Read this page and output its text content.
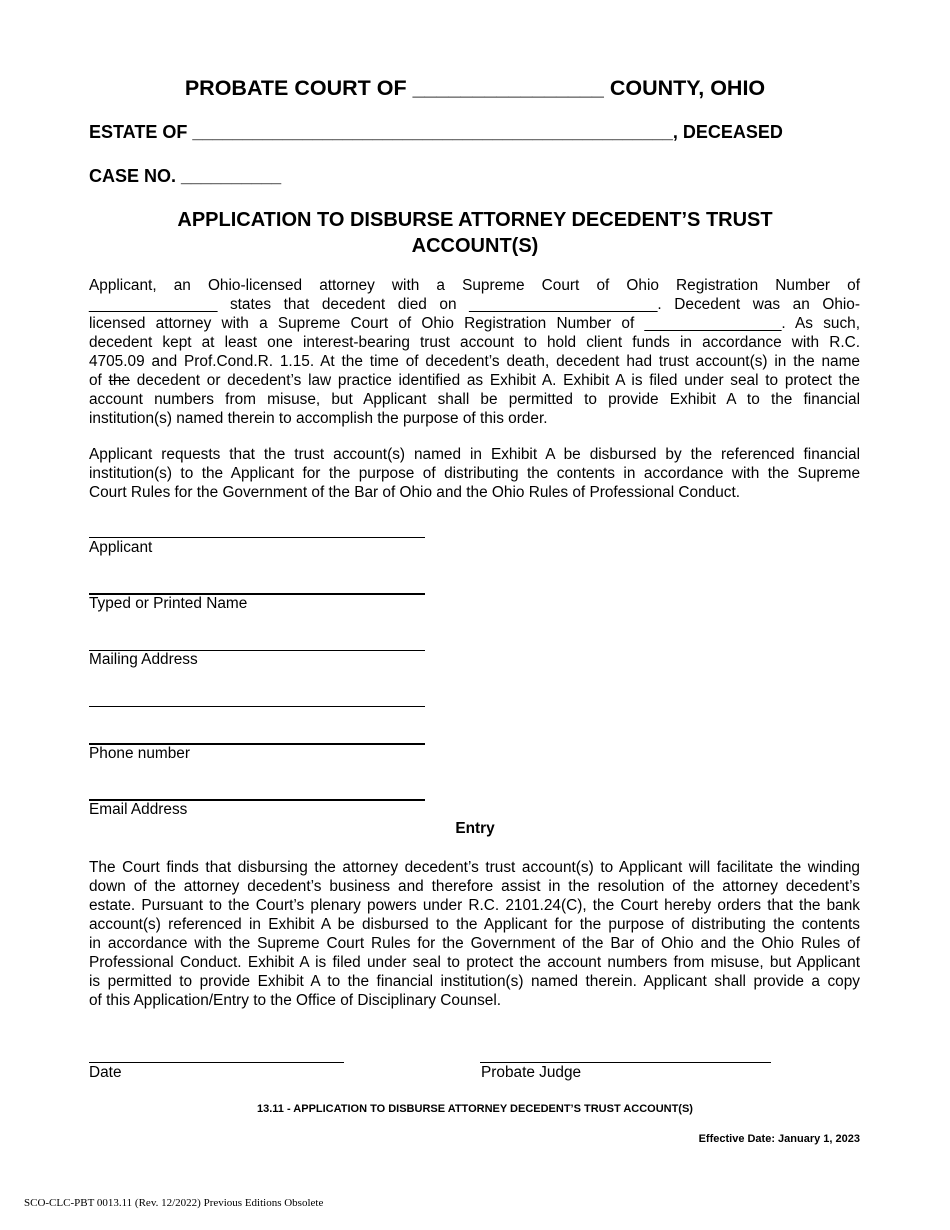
PROBATE COURT OF ________________ COUNTY, OHIO
ESTATE OF ________________________________________________, DECEASED
CASE NO. __________
APPLICATION TO DISBURSE ATTORNEY DECEDENT’S TRUST
ACCOUNT(S)
Applicant, an Ohio-licensed attorney with a Supreme Court of Ohio Registration Number of
_______________ states that decedent died on ______________________. Decedent was an Ohio-
licensed attorney with a Supreme Court of Ohio Registration Number of ________________. As such,
decedent kept at least one interest-bearing trust account to hold client funds in accordance with R.C.
4705.09 and Prof.Cond.R. 1.15. At the time of decedent’s death, decedent had trust account(s) in the name
of the decedent or decedent’s law practice identified as Exhibit A. Exhibit A is filed under seal to protect the
account numbers from misuse, but Applicant shall be permitted to provide Exhibit A to the financial
institution(s) named therein to accomplish the purpose of this order.
Applicant requests that the trust account(s) named in Exhibit A be disbursed by the referenced financial
institution(s) to the Applicant for the purpose of distributing the contents in accordance with the Supreme
Court Rules for the Government of the Bar of Ohio and the Ohio Rules of Professional Conduct.
Applicant
Typed or Printed Name
Mailing Address
Phone number
Email Address
Entry
The Court finds that disbursing the attorney decedent’s trust account(s) to Applicant will facilitate the winding
down of the attorney decedent’s business and therefore assist in the resolution of the attorney decedent’s
estate. Pursuant to the Court’s plenary powers under R.C. 2101.24(C), the Court hereby orders that the bank
account(s) referenced in Exhibit A be disbursed to the Applicant for the purpose of distributing the contents
in accordance with the Supreme Court Rules for the Government of the Bar of Ohio and the Ohio Rules of
Professional Conduct. Exhibit A is filed under seal to protect the account numbers from misuse, but Applicant
is permitted to provide Exhibit A to the financial institution(s) named therein. Applicant shall provide a copy
of this Application/Entry to the Office of Disciplinary Counsel.
Date	Probate Judge
13.11 - APPLICATION TO DISBURSE ATTORNEY DECEDENT’S TRUST ACCOUNT(S)
Effective Date: January 1, 2023
SCO-CLC-PBT 0013.11 (Rev. 12/2022) Previous Editions Obsolete
